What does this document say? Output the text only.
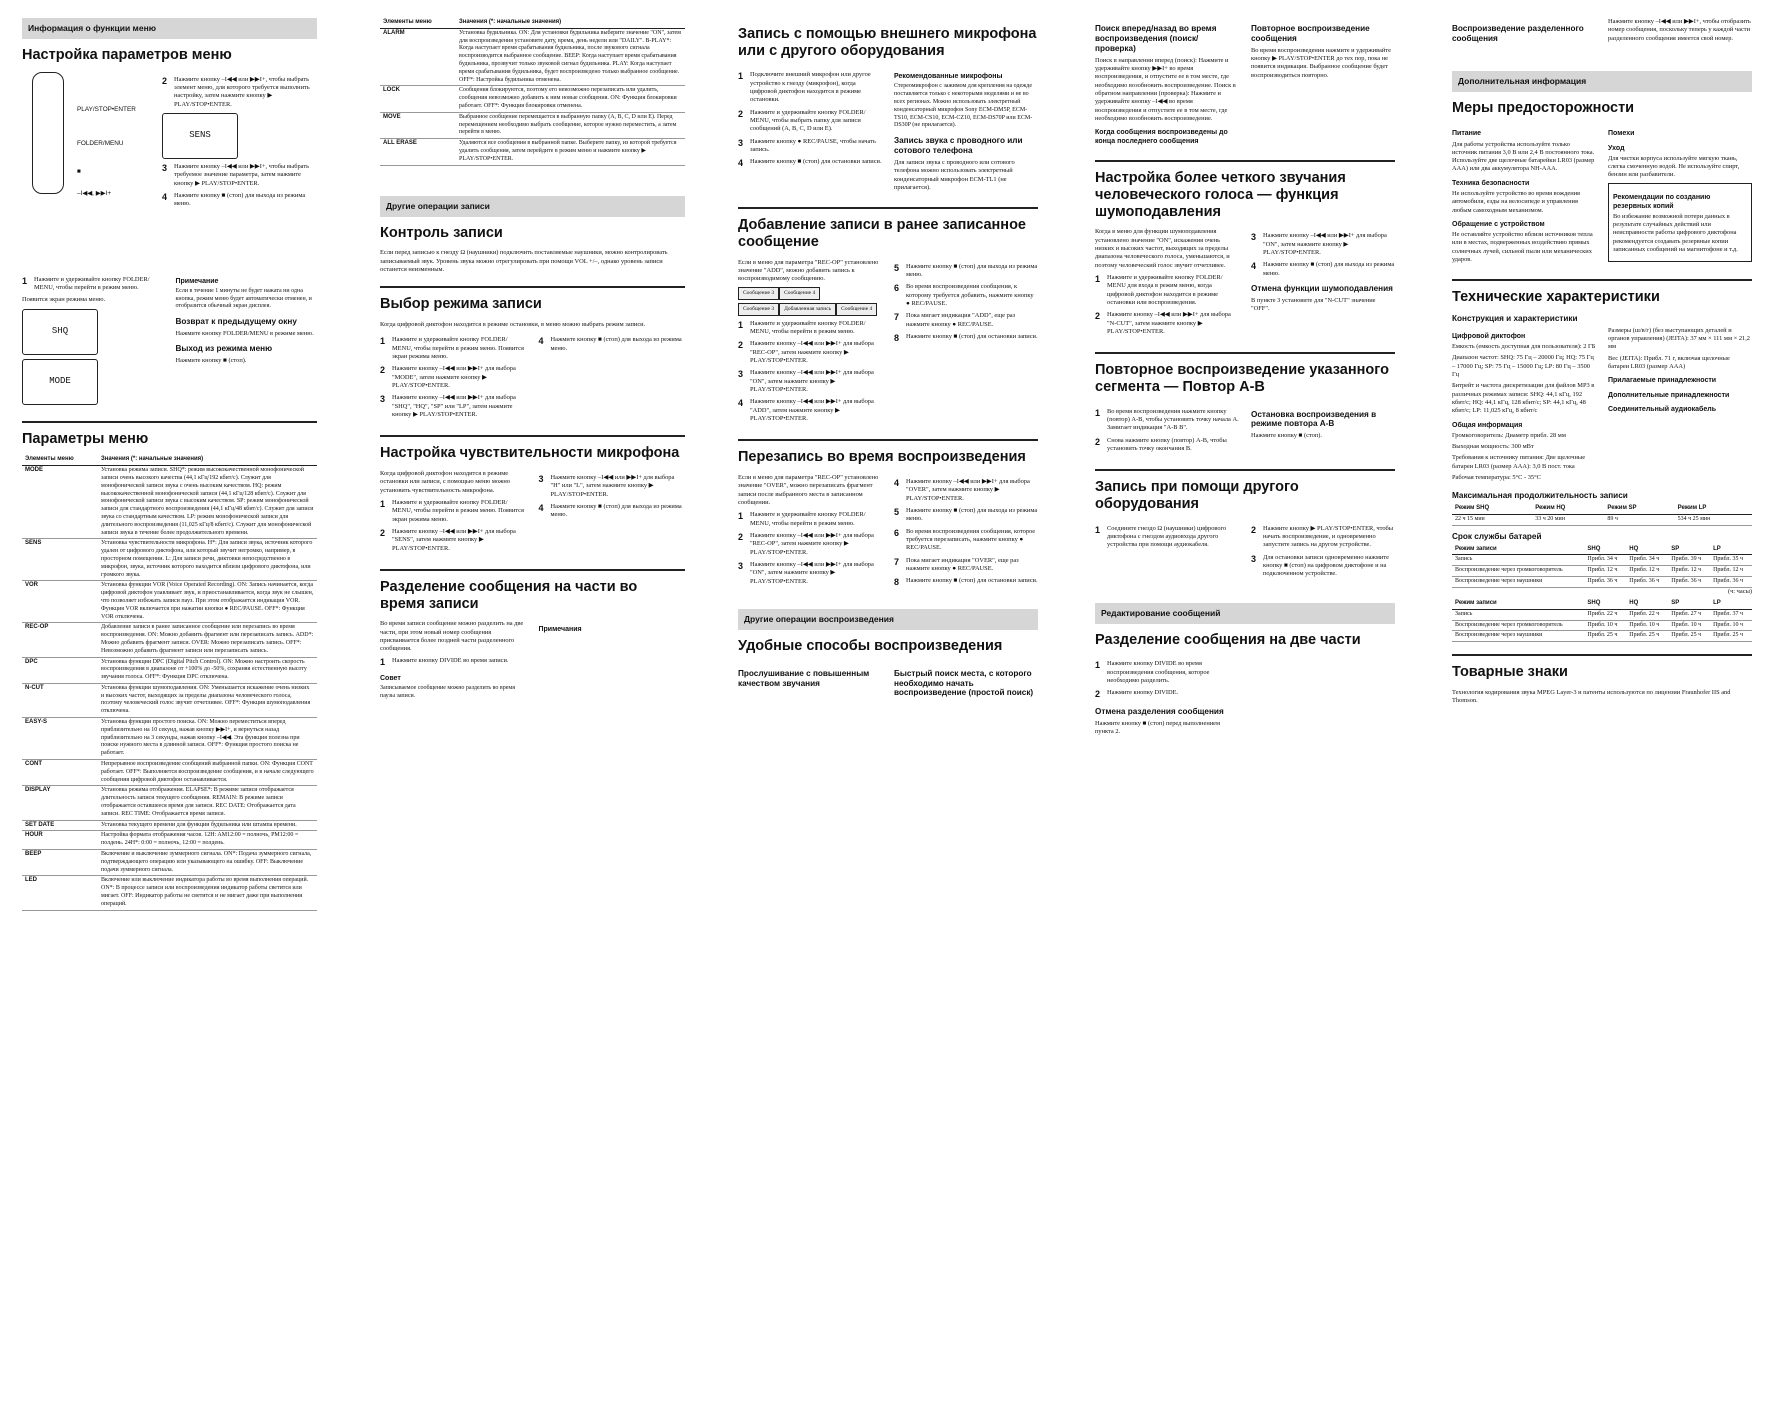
Информация о функции меню
Настройка параметров меню
PLAY/STOP•ENTER
FOLDER/MENU
■
–I◀◀, ▶▶I+
2	Нажмите кнопку –I◀◀ или ▶▶I+, чтобы выбрать элемент меню, для которого требуется выполнить настройку, затем нажмите кнопку ▶ PLAY/STOP•ENTER.
SENS
3	Нажмите кнопку –I◀◀ или ▶▶I+, чтобы выбрать требуемое значение параметра, затем нажмите кнопку ▶ PLAY/STOP•ENTER.
4	Нажмите кнопку ■ (стоп) для выхода из режима меню.
1	Нажмите и удерживайте кнопку FOLDER/ MENU, чтобы перейти в режим меню.

Появится экран режима меню.

SHQ
MODE
Примечание

Если в течение 1 минуты не будет нажата ни одна кнопка, режим меню будет автоматически отменен, и отобразится обычный экран дисплея.

Возврат к предыдущему окну

Нажмите кнопку FOLDER/MENU в режиме меню.

Выход из режима меню

Нажмите кнопку ■ (стоп).

Параметры меню
Элементы меню	Значения (*: начальные значения)
MODE	Установка режима записи. SHQ*: режим высококачественной монофонической записи очень высокого качества (44,1 кГц/192 кбит/с). Служит для монофонической записи звука с очень высоким качеством. HQ: режим высококачественной монофонической записи (44,1 кГц/128 кбит/с). Служит для монофонической записи звука с высоким качеством. SP: режим монофонической записи для стандартного воспроизведения (44,1 кГц/48 кбит/с). Служит для записи звука со стандартным качеством. LP: режим монофонической записи для длительного воспроизведения (11,025 кГц/8 кбит/с). Служит для монофонической записи звука в течение более продолжительного времени.
SENS	Установка чувствительности микрофона. H*: Для записи звука, источник которого удален от цифрового диктофона, или который звучит негромко, например, в просторном помещении. L: Для записи речи, диктовки непосредственно в микрофон, звука, источник которого находится вблизи цифрового диктофона, или громкого звука.
VOR	Установка функции VOR (Voice Operated Recording). ON: Запись начинается, когда цифровой диктофон улавливает звук, и приостанавливается, когда звук не слышен, что позволяет избежать записи пауз. При этом отображается индикация VOR. Функция VOR включается при нажатии кнопки ● REC/PAUSE. OFF*: Функция VOR отключена.
REC-OP	Добавление записи в ранее записанное сообщение или перезапись во время воспроизведения. ON: Можно добавить фрагмент или перезаписать запись. ADD*: Можно добавить фрагмент записи. OVER: Можно перезаписать запись. OFF*: Невозможно добавить фрагмент записи или перезаписать запись.
DPC	Установка функции DPC (Digital Pitch Control). ON: Можно настроить скорость воспроизведения в диапазоне от +100% до -50%, сохраняя естественную высоту звучания голоса. OFF*: Функция DPC отключена.
N-CUT	Установка функции шумоподавления. ON: Уменьшается искажение очень низких и высоких частот, выходящих за пределы диапазона человеческого голоса, поэтому человеческий голос звучит отчетливее. OFF*: Функция шумоподавления отключена.
EASY-S	Установка функции простого поиска. ON: Можно переместиться вперед приблизительно на 10 секунд, нажав кнопку ▶▶I+, и вернуться назад приблизительно на 3 секунды, нажав кнопку –I◀◀. Эта функция полезна при поиске нужного места в длинной записи. OFF*: Функция простого поиска не работает.
CONT	Непрерывное воспроизведение сообщений выбранной папки. ON: Функция CONT работает. OFF*: Выполняется воспроизведение сообщения, и в начале следующего сообщения цифровой диктофон останавливается.
DISPLAY	Установка режима отображения. ELAPSE*: В режиме записи отображается длительность записи текущего сообщения. REMAIN: В режиме записи отображается оставшееся время для записи. REC DATE: Отображается дата записи. REC TIME: Отображается время записи.
SET DATE	Установка текущего времени для функции будильника или штампа времени.
HOUR	Настройка формата отображения часов. 12H: AM12:00 = полночь, PM12:00 = полдень. 24H*: 0:00 = полночь, 12:00 = полдень.
BEEP	Включение и выключение зуммерного сигнала. ON*: Подача зуммерного сигнала, подтверждающего операцию или указывающего на ошибку. OFF: Выключение подачи зуммерного сигнала.
LED	Включение или выключение индикатора работы во время выполнения операций. ON*: В процессе записи или воспроизведения индикатор работы светится или мигает. OFF: Индикатор работы не светится и не мигает даже при выполнении операций.
Элементы меню	Значения (*: начальные значения)
ALARM	Установка будильника. ON: Для установки будильника выберите значение "ON", затем для воспроизведения установите дату, время, день недели или "DAILY". B-PLAY*: Когда наступает время срабатывания будильника, после звукового сигнала воспроизводится выбранное сообщение. BEEP: Когда наступает время срабатывания будильника, прозвучит только звуковой сигнал будильника. PLAY: Когда наступает время срабатывания будильника, будет воспроизведено только выбранное сообщение. OFF*: Настройка будильника отменена.
LOCK	Сообщения блокируются, поэтому его невозможно перезаписать или удалить, сообщения невозможно добавить к ним новые сообщения. ON: Функция блокировки работает. OFF*: Функция блокировки отменена.
MOVE	Выбранное сообщение перемещается в выбранную папку (A, B, C, D или E). Перед перемещением необходимо выбрать сообщение, которое нужно переместить, а затем перейти в меню.
ALL ERASE	Удаляются все сообщения в выбранной папке. Выберите папку, из которой требуется удалить сообщения, затем перейдите в режим меню и нажмите кнопку ▶ PLAY/STOP•ENTER.
Другие операции записи
Контроль записи

Если перед записью к гнезду Ω (наушники) подключить поставляемые наушники, можно контролировать записываемый звук. Уровень звука можно отрегулировать при помощи VOL +/–, однако уровень записи останется неизменным.

Выбор режима записи

Когда цифровой диктофон находится в режиме остановки, в меню можно выбрать режим записи.

1	Нажмите и удерживайте кнопку FOLDER/ MENU, чтобы перейти в режим меню. Появится экран режима меню.
2	Нажмите кнопку –I◀◀ или ▶▶I+ для выбора "MODE", затем нажмите кнопку ▶ PLAY/STOP•ENTER.
3	Нажмите кнопку –I◀◀ или ▶▶I+ для выбора "SHQ", "HQ", "SP" или "LP", затем нажмите кнопку ▶ PLAY/STOP•ENTER.
4	Нажмите кнопку ■ (стоп) для выхода из режима меню.
Настройка чувствительности микрофона

Когда цифровой диктофон находится в режиме остановки или записи, с помощью меню можно установить чувствительность микрофона.

1	Нажмите и удерживайте кнопку FOLDER/ MENU, чтобы перейти в режим меню. Появится экран режима меню.
2	Нажмите кнопку –I◀◀ или ▶▶I+ для выбора "SENS", затем нажмите кнопку ▶ PLAY/STOP•ENTER.
3	Нажмите кнопку –I◀◀ или ▶▶I+ для выбора "H" или "L", затем нажмите кнопку ▶ PLAY/STOP•ENTER.
4	Нажмите кнопку ■ (стоп) для выхода из режима меню.
Разделение сообщения на части во время записи

Во время записи сообщение можно разделить на две части, при этом новый номер сообщения присваивается более поздней части разделенного сообщения.

1	Нажмите кнопку DIVIDE во время записи.
Совет

Записываемое сообщение можно разделить во время паузы записи.

Примечания
Запись с помощью внешнего микрофона или с другого оборудования
1	Подключите внешний микрофон или другое устройство к гнезду (микрофон), когда цифровой диктофон находится в режиме остановки.
2	Нажмите и удерживайте кнопку FOLDER/ MENU, чтобы выбрать папку для записи сообщений (A, B, C, D или E).
3	Нажмите кнопку ● REC/PAUSE, чтобы начать запись.
4	Нажмите кнопку ■ (стоп) для остановки записи.
Рекомендованные микрофоны

Стереомикрофон с зажимом для крепления на одежде поставляется только с некоторыми моделями и не во всех регионах. Можно использовать электретный конденсаторный микрофон Sony ECM-DM5P, ECM-TS10, ECM-CS10, ECM-CZ10, ECM-DS70P или ECM-DS30P (не прилагается).

Запись звука с проводного или сотового телефона

Для записи звука с проводного или сотового телефона можно использовать электретный конденсаторный микрофон ECM-TL1 (не прилагается).

Добавление записи в ранее записанное сообщение

Если в меню для параметра "REC-OP" установлено значение "ADD", можно добавить запись к воспроизводимому сообщению.

Сообщение 3	Сообщение 4
Сообщение 3	Добавленная запись	Сообщение 4
1	Нажмите и удерживайте кнопку FOLDER/ MENU, чтобы перейти в режим меню.
2	Нажмите кнопку –I◀◀ или ▶▶I+ для выбора "REC-OP", затем нажмите кнопку ▶ PLAY/STOP•ENTER.
3	Нажмите кнопку –I◀◀ или ▶▶I+ для выбора "ON", затем нажмите кнопку ▶ PLAY/STOP•ENTER.
4	Нажмите кнопку –I◀◀ или ▶▶I+ для выбора "ADD", затем нажмите кнопку ▶ PLAY/STOP•ENTER.
5	Нажмите кнопку ■ (стоп) для выхода из режима меню.
6	Во время воспроизведения сообщения, к которому требуется добавить, нажмите кнопку ● REC/PAUSE.
7	Пока мигает индикация "ADD", еще раз нажмите кнопку ● REC/PAUSE.
8	Нажмите кнопку ■ (стоп) для остановки записи.
Перезапись во время воспроизведения

Если в меню для параметра "REC-OP" установлено значение "OVER", можно перезаписать фрагмент записи после выбранного места в записанном сообщении.

1	Нажмите и удерживайте кнопку FOLDER/ MENU, чтобы перейти в режим меню.
2	Нажмите кнопку –I◀◀ или ▶▶I+ для выбора "REC-OP", затем нажмите кнопку ▶ PLAY/STOP•ENTER.
3	Нажмите кнопку –I◀◀ или ▶▶I+ для выбора "ON", затем нажмите кнопку ▶ PLAY/STOP•ENTER.
4	Нажмите кнопку –I◀◀ или ▶▶I+ для выбора "OVER", затем нажмите кнопку ▶ PLAY/STOP•ENTER.
5	Нажмите кнопку ■ (стоп) для выхода из режима меню.
6	Во время воспроизведения сообщения, которое требуется перезаписать, нажмите кнопку ● REC/PAUSE.
7	Пока мигает индикация "OVER", еще раз нажмите кнопку ● REC/PAUSE.
8	Нажмите кнопку ■ (стоп) для остановки записи.
Другие операции воспроизведения
Удобные способы воспроизведения
Прослушивание с повышенным качеством звучания
Быстрый поиск места, с которого необходимо начать воспроизведение (простой поиск)
Поиск вперед/назад во время воспроизведения (поиск/проверка)

Поиск в направлении вперед (поиск): Нажмите и удерживайте кнопку ▶▶I+ во время воспроизведения, и отпустите ее в том месте, где необходимо возобновить воспроизведение. Поиск в обратном направлении (проверка): Нажмите и удерживайте кнопку –I◀◀ во время воспроизведения и отпустите ее в том месте, где необходимо возобновить воспроизведение.

Когда сообщения воспроизведены до конца последнего сообщения
Повторное воспроизведение сообщения

Во время воспроизведения нажмите и удерживайте кнопку ▶ PLAY/STOP•ENTER до тех пор, пока не появится индикация. Выбранное сообщение будет воспроизводиться повторно.

Настройка более четкого звучания человеческого голоса — функция шумоподавления

Когда в меню для функции шумоподавления установлено значение "ON", искажения очень низких и высоких частот, выходящих за пределы диапазона человеческого голоса, уменьшаются, и поэтому человеческий голос звучит отчетливее.

1	Нажмите и удерживайте кнопку FOLDER/ MENU для входа в режим меню, когда цифровой диктофон находится в режиме остановки или воспроизведения.
2	Нажмите кнопку –I◀◀ или ▶▶I+ для выбора "N-CUT", затем нажмите кнопку ▶ PLAY/STOP•ENTER.
3	Нажмите кнопку –I◀◀ или ▶▶I+ для выбора "ON", затем нажмите кнопку ▶ PLAY/STOP•ENTER.
4	Нажмите кнопку ■ (стоп) для выхода из режима меню.
Отмена функции шумоподавления

В пункте 3 установите для "N-CUT" значение "OFF".

Повторное воспроизведение указанного сегмента — Повтор A-B
1	Во время воспроизведения нажмите кнопку (повтор) A-B, чтобы установить точку начала A. Замигает индикация "A-B B".
2	Снова нажмите кнопку (повтор) A-B, чтобы установить точку окончания B.
Остановка воспроизведения в режиме повтора A-B

Нажмите кнопку ■ (стоп).

Запись при помощи другого оборудования
1	Соедините гнездо Ω (наушники) цифрового диктофона с гнездом аудиовхода другого устройства при помощи аудиокабеля.
2	Нажмите кнопку ▶ PLAY/STOP•ENTER, чтобы начать воспроизведение, и одновременно запустите запись на другом устройстве.
3	Для остановки записи одновременно нажмите кнопку ■ (стоп) на цифровом диктофоне и на подключенном устройстве.
Редактирование сообщений
Разделение сообщения на две части
1	Нажмите кнопку DIVIDE во время воспроизведения сообщения, которое необходимо разделить.
2	Нажмите кнопку DIVIDE.
Отмена разделения сообщения

Нажмите кнопку ■ (стоп) перед выполнением пункта 2.

Воспроизведение разделенного сообщения

Нажмите кнопку –I◀◀ или ▶▶I+, чтобы отобразить номер сообщения, поскольку теперь у каждой части разделенного сообщения имеется свой номер.

Дополнительная информация
Меры предосторожности
Питание

Для работы устройства используйте только источник питания 3,0 В или 2,4 В постоянного тока. Используйте две щелочные батарейки LR03 (размер ААА) или два аккумулятора NH-AAA.

Техника безопасности

Не используйте устройство во время вождения автомобиля, езды на велосипеде и управления любым самоходным механизмом.

Обращение с устройством

Не оставляйте устройство вблизи источников тепла или в местах, подверженных воздействию прямых солнечных лучей, сильной пыли или механических ударов.

Помехи
Уход

Для чистки корпуса используйте мягкую ткань, слегка смоченную водой. Не используйте спирт, бензин или разбавители.

Рекомендации по созданию резервных копий

Во избежание возможной потери данных в результате случайных действий или неисправности работы цифрового диктофона рекомендуется создавать резервные копии записанных сообщений на магнитофоне и т.д.

Технические характеристики
Конструкция и характеристики

Цифровой диктофон

Емкость (емкость доступная для пользователя): 2 ГБ

Диапазон частот: SHQ: 75 Гц – 20000 Гц; HQ: 75 Гц – 17000 Гц; SP: 75 Гц – 15000 Гц; LP: 80 Гц – 3500 Гц

Битрейт и частота дискретизации для файлов MP3 в различных режимах записи: SHQ: 44,1 кГц, 192 кбит/с; HQ: 44,1 кГц, 128 кбит/с; SP: 44,1 кГц, 48 кбит/с; LP: 11,025 кГц, 8 кбит/с

Общая информация

Громкоговоритель: Диаметр прибл. 28 мм

Выходная мощность: 300 мВт

Требования к источнику питания: Две щелочные батареи LR03 (размер AAA): 3,0 В пост. тока

Рабочая температура: 5°C - 35°C

Размеры (ш/в/г) (без выступающих деталей и органов управления) (JEITA): 37 мм × 111 мм × 21,2 мм

Вес (JEITA): Прибл. 71 г, включая щелочные батареи LR03 (размер AAA)

Прилагаемые принадлежности

Дополнительные принадлежности

Соединительный аудиокабель

Максимальная продолжительность записи
Режим SHQ	Режим HQ	Режим SP	Режим LP
22 ч 15 мин	33 ч 20 мин	89 ч	534 ч 25 мин
Срок службы батарей
Режим записи	SHQ	HQ	SP	LP
Запись	Прибл. 34 ч	Прибл. 34 ч	Прибл. 39 ч	Прибл. 35 ч
Воспроизведение через громкоговоритель	Прибл. 12 ч	Прибл. 12 ч	Прибл. 12 ч	Прибл. 12 ч
Воспроизведение через наушники	Прибл. 36 ч	Прибл. 36 ч	Прибл. 36 ч	Прибл. 36 ч

(ч: часы)

Режим записи	SHQ	HQ	SP	LP
Запись	Прибл. 22 ч	Прибл. 22 ч	Прибл. 27 ч	Прибл. 37 ч
Воспроизведение через громкоговоритель	Прибл. 10 ч	Прибл. 10 ч	Прибл. 10 ч	Прибл. 10 ч
Воспроизведение через наушники	Прибл. 25 ч	Прибл. 25 ч	Прибл. 25 ч	Прибл. 25 ч
Товарные знаки

Технология кодирования звука MPEG Layer-3 и патенты используются по лицензии Fraunhofer IIS and Thomson.
